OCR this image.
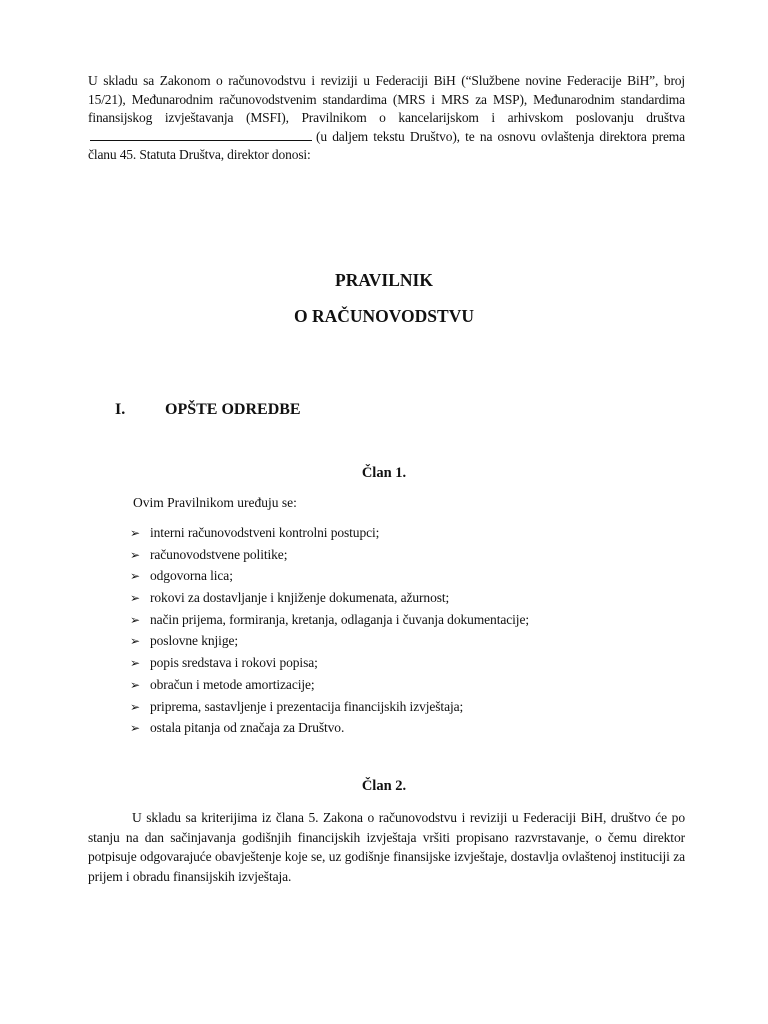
U skladu sa Zakonom o računovodstvu i reviziji u Federaciji BiH (“Službene novine Federacije BiH”, broj 15/21), Međunarodnim računovodstvenim standardima (MRS i MRS za MSP), Međunarodnim standardima finansijskog izvještavanja (MSFI), Pravilnikom o kancelarijskom i arhivskom poslovanju društva(u daljem tekstu Društvo), te na osnovu ovlaštenja direktora prema članu 45. Statuta Društva, direktor donosi:
PRAVILNIK
O RAČUNOVODSTVU
I. OPŠTE ODREDBE
Član 1.
Ovim Pravilnikom uređuju se:
➢ interni računovodstveni kontrolni postupci;
➢ računovodstvene politike;
➢ odgovorna lica;
➢ rokovi za dostavljanje i knjiženje dokumenata, ažurnost;
➢ način prijema, formiranja, kretanja, odlaganja i čuvanja dokumentacije;
➢ poslovne knjige;
➢ popis sredstava i rokovi popisa;
➢ obračun i metode amortizacije;
➢ priprema, sastavljenje i prezentacija financijskih izvještaja;
➢ ostala pitanja od značaja za Društvo.
Član 2.
U skladu sa kriterijima iz člana 5. Zakona o računovodstvu i reviziji u Federaciji BiH, društvo će po stanju na dan sačinjavanja godišnjih financijskih izvještaja vršiti propisano razvrstavanje, o čemu direktor potpisuje odgovarajuće obavještenje koje se, uz godišnje finansijske izvještaje, dostavlja ovlaštenoj instituciji za prijem i obradu finansijskih izvještaja.
